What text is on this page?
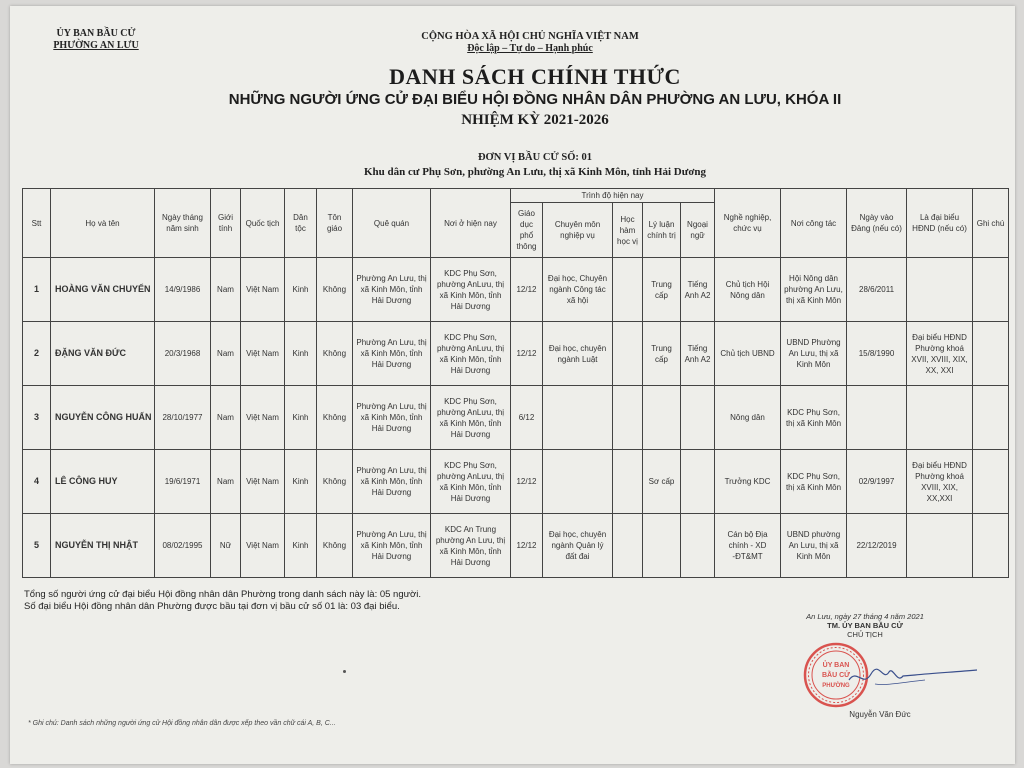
ỦY BAN BẦU CỬ
PHƯỜNG AN LƯU
CỘNG HÒA XÃ HỘI CHỦ NGHĨA VIỆT NAM
Độc lập – Tự do – Hạnh phúc
DANH SÁCH CHÍNH THỨC
NHỮNG NGƯỜI ỨNG CỬ ĐẠI BIỂU HỘI ĐỒNG NHÂN DÂN PHƯỜNG AN LƯU, KHÓA II
NHIỆM KỲ 2021-2026
ĐƠN VỊ BẦU CỬ SỐ: 01
Khu dân cư Phụ Sơn, phường An Lưu, thị xã Kinh Môn, tỉnh Hải Dương
Stt	Họ và tên	Ngày tháng năm sinh	Giới tính	Quốc tịch	Dân tộc	Tôn giáo	Quê quán	Nơi ở hiện nay	Trình độ hiện nay					Nghề nghiệp, chức vụ	Nơi công tác	Ngày vào Đảng (nếu có)	Là đại biểu HĐND (nếu có)	Ghi chú
									Giáo dục phổ thông	Chuyên môn nghiệp vụ	Học hàm học vị	Lý luận chính trị	Ngoại ngữ					
1	HOÀNG VĂN CHUYỂN	14/9/1986	Nam	Việt Nam	Kinh	Không	Phường An Lưu, thị xã Kinh Môn, tỉnh Hải Dương	KDC Phụ Sơn, phường AnLưu, thị xã Kinh Môn, tỉnh Hải Dương	12/12	Đại học, Chuyên ngành Công tác xã hội		Trung cấp	Tiếng Anh A2	Chủ tịch Hội Nông dân	Hội Nông dân phường An Lưu, thị xã Kinh Môn	28/6/2011		
2	ĐẶNG VĂN ĐỨC	20/3/1968	Nam	Việt Nam	Kinh	Không	Phường An Lưu, thị xã Kinh Môn, tỉnh Hải Dương	KDC Phụ Sơn, phường AnLưu, thị xã Kinh Môn, tỉnh Hải Dương	12/12	Đại học, chuyên ngành Luật		Trung cấp	Tiếng Anh A2	Chủ tịch UBND	UBND Phường An Lưu, thị xã Kinh Môn	15/8/1990	Đại biểu HĐND Phường khoá XVII, XVIII, XIX, XX, XXI	
3	NGUYỄN CÔNG HUẤN	28/10/1977	Nam	Việt Nam	Kinh	Không	Phường An Lưu, thị xã Kinh Môn, tỉnh Hải Dương	KDC Phụ Sơn, phường AnLưu, thị xã Kinh Môn, tỉnh Hải Dương	6/12					Nông dân	KDC Phụ Sơn, thị xã Kinh Môn			
4	LÊ CÔNG HUY	19/6/1971	Nam	Việt Nam	Kinh	Không	Phường An Lưu, thị xã Kinh Môn, tỉnh Hải Dương	KDC Phụ Sơn, phường AnLưu, thị xã Kinh Môn, tỉnh Hải Dương	12/12			Sơ cấp		Trưởng KDC	KDC Phụ Sơn, thị xã Kinh Môn	02/9/1997	Đại biểu HĐND Phường khoá XVIII, XIX, XX,XXI	
5	NGUYỄN THỊ NHẬT	08/02/1995	Nữ	Việt Nam	Kinh	Không	Phường An Lưu, thị xã Kinh Môn, tỉnh Hải Dương	KDC An Trung phường An Lưu, thị xã Kinh Môn, tỉnh Hải Dương	12/12	Đại học, chuyên ngành Quản lý đất đai				Cán bộ Địa chính - XD -ĐT&MT	UBND phường An Lưu, thị xã Kinh Môn	22/12/2019		
Tổng số người ứng cử đại biểu Hội đồng nhân dân Phường trong danh sách này là: 05 người.
Số đại biểu Hội đồng nhân dân Phường được bầu tại đơn vị bầu cử số 01 là: 03 đại biểu.
An Lưu, ngày 27 tháng 4 năm 2021
TM. ỦY BAN BẦU CỬ
CHỦ TỊCH
ỦY BAN
BẦU CỬ
PHƯỜNG
Nguyễn Văn Đức
* Ghi chú: Danh sách những người ứng cử Hội đồng nhân dân được xếp theo vần chữ cái A, B, C...
